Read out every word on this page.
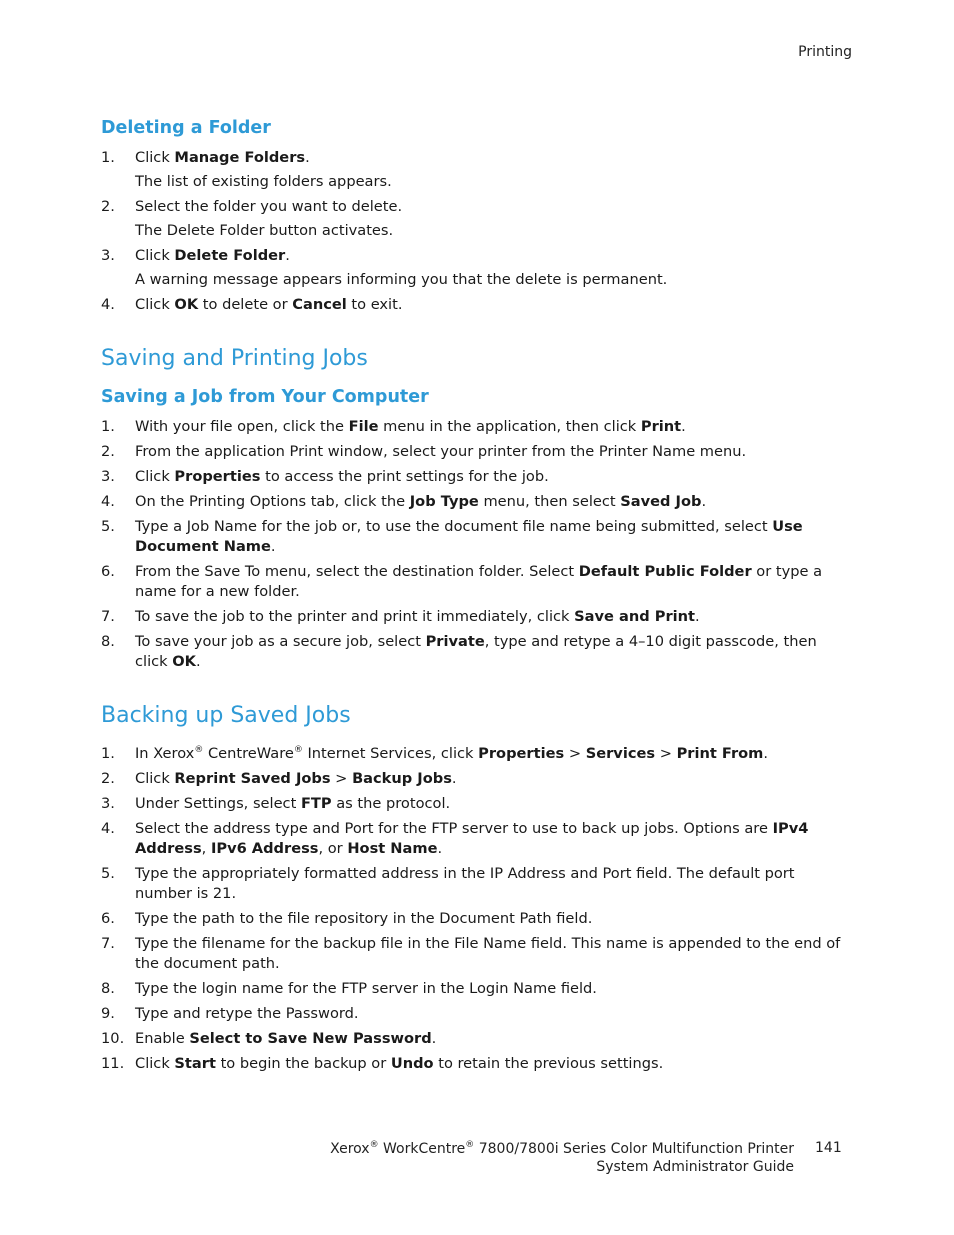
Printing
Deleting a Folder
1. Click Manage Folders.
The list of existing folders appears.
2. Select the folder you want to delete.
The Delete Folder button activates.
3. Click Delete Folder.
A warning message appears informing you that the delete is permanent.
4. Click OK to delete or Cancel to exit.
Saving and Printing Jobs
Saving a Job from Your Computer
1. With your file open, click the File menu in the application, then click Print.
2. From the application Print window, select your printer from the Printer Name menu.
3. Click Properties to access the print settings for the job.
4. On the Printing Options tab, click the Job Type menu, then select Saved Job.
5. Type a Job Name for the job or, to use the document file name being submitted, select Use Document Name.
6. From the Save To menu, select the destination folder. Select Default Public Folder or type a name for a new folder.
7. To save the job to the printer and print it immediately, click Save and Print.
8. To save your job as a secure job, select Private, type and retype a 4–10 digit passcode, then click OK.
Backing up Saved Jobs
1. In Xerox® CentreWare® Internet Services, click Properties > Services > Print From.
2. Click Reprint Saved Jobs > Backup Jobs.
3. Under Settings, select FTP as the protocol.
4. Select the address type and Port for the FTP server to use to back up jobs. Options are IPv4 Address, IPv6 Address, or Host Name.
5. Type the appropriately formatted address in the IP Address and Port field. The default port number is 21.
6. Type the path to the file repository in the Document Path field.
7. Type the filename for the backup file in the File Name field. This name is appended to the end of the document path.
8. Type the login name for the FTP server in the Login Name field.
9. Type and retype the Password.
10. Enable Select to Save New Password.
11. Click Start to begin the backup or Undo to retain the previous settings.
Xerox® WorkCentre® 7800/7800i Series Color Multifunction Printer
System Administrator Guide
141
